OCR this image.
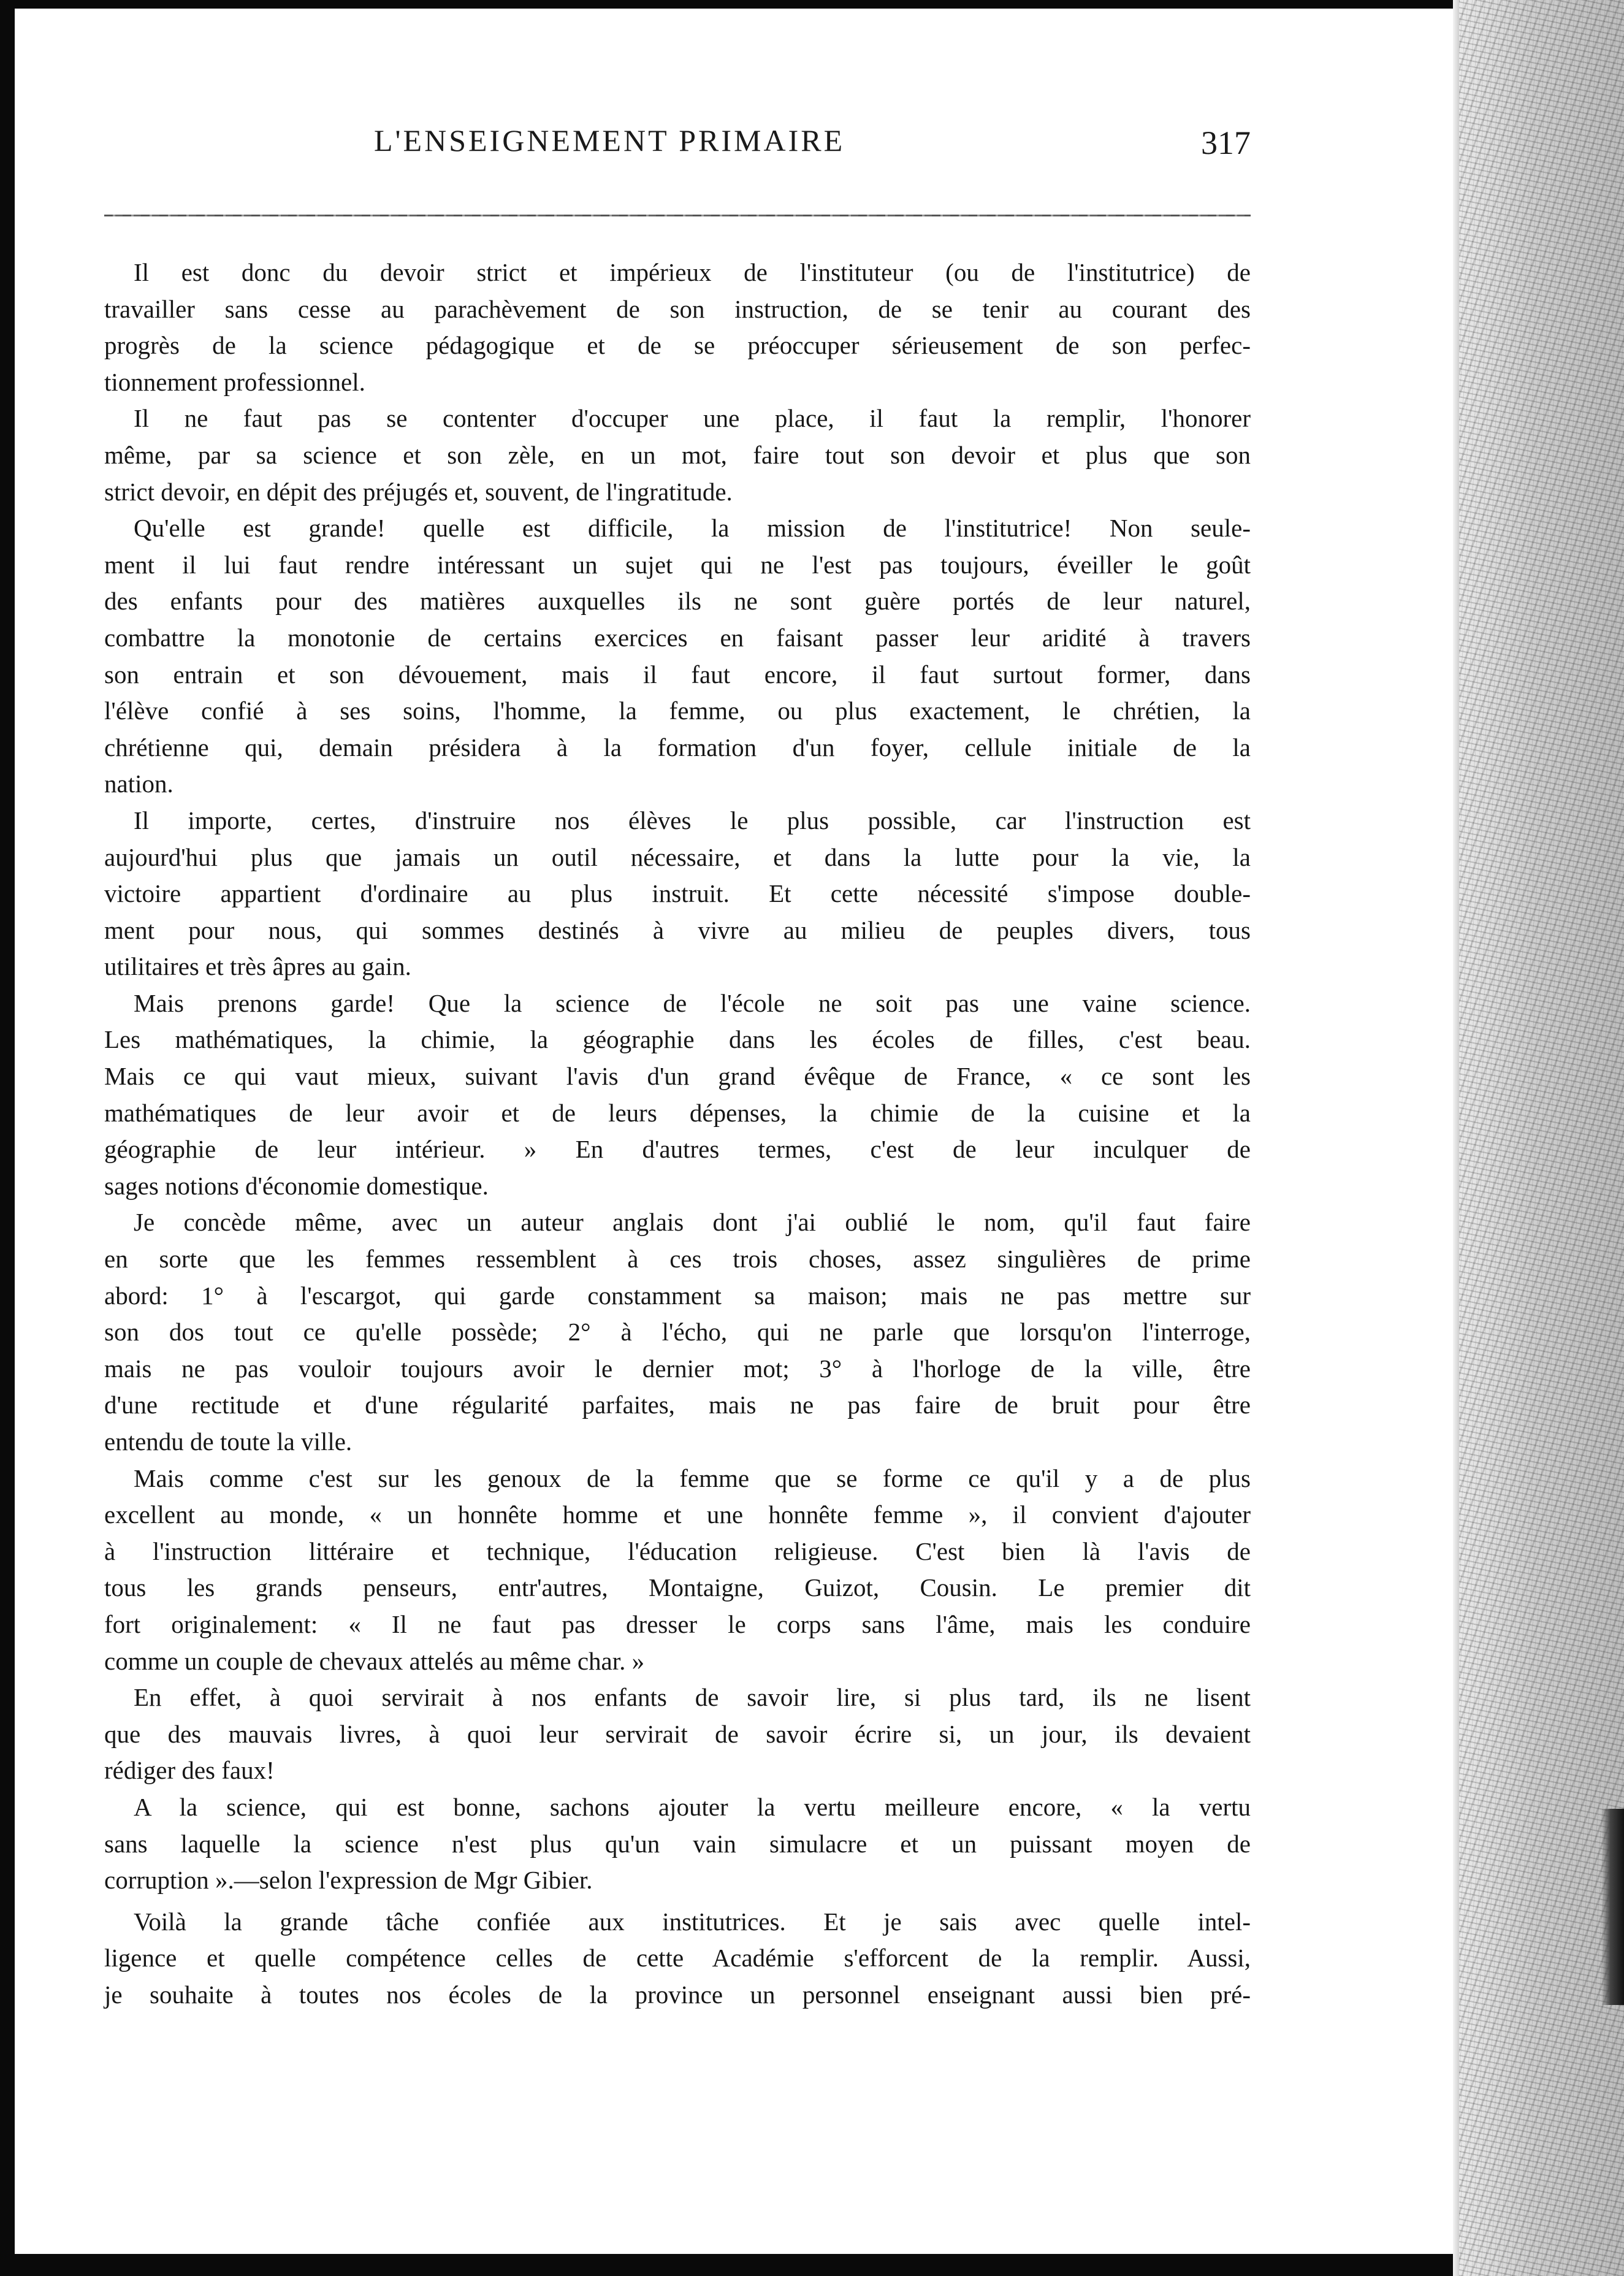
L'ENSEIGNEMENT PRIMAIRE	317

Il est donc du devoir strict et impérieux de l'instituteur (ou de l'institutrice) de

travailler sans cesse au parachèvement de son instruction, de se tenir au courant des

progrès de la science pédagogique et de se préoccuper sérieusement de son perfec-

tionnement professionnel.

Il ne faut pas se contenter d'occuper une place, il faut la remplir, l'honorer

même, par sa science et son zèle, en un mot, faire tout son devoir et plus que son

strict devoir, en dépit des préjugés et, souvent, de l'ingratitude.

Qu'elle est grande! quelle est difficile, la mission de l'institutrice! Non seule-

ment il lui faut rendre intéressant un sujet qui ne l'est pas toujours, éveiller le goût

des enfants pour des matières auxquelles ils ne sont guère portés de leur naturel,

combattre la monotonie de certains exercices en faisant passer leur aridité à travers

son entrain et son dévouement, mais il faut encore, il faut surtout former, dans

l'élève confié à ses soins, l'homme, la femme, ou plus exactement, le chrétien, la

chrétienne qui, demain présidera à la formation d'un foyer, cellule initiale de la

nation.

Il importe, certes, d'instruire nos élèves le plus possible, car l'instruction est

aujourd'hui plus que jamais un outil nécessaire, et dans la lutte pour la vie, la

victoire appartient d'ordinaire au plus instruit. Et cette nécessité s'impose double-

ment pour nous, qui sommes destinés à vivre au milieu de peuples divers, tous

utilitaires et très âpres au gain.

Mais prenons garde! Que la science de l'école ne soit pas une vaine science.

Les mathématiques, la chimie, la géographie dans les écoles de filles, c'est beau.

Mais ce qui vaut mieux, suivant l'avis d'un grand évêque de France, « ce sont les

mathématiques de leur avoir et de leurs dépenses, la chimie de la cuisine et la

géographie de leur intérieur. » En d'autres termes, c'est de leur inculquer de

sages notions d'économie domestique.

Je concède même, avec un auteur anglais dont j'ai oublié le nom, qu'il faut faire

en sorte que les femmes ressemblent à ces trois choses, assez singulières de prime

abord: 1° à l'escargot, qui garde constamment sa maison; mais ne pas mettre sur

son dos tout ce qu'elle possède; 2° à l'écho, qui ne parle que lorsqu'on l'interroge,

mais ne pas vouloir toujours avoir le dernier mot; 3° à l'horloge de la ville, être

d'une rectitude et d'une régularité parfaites, mais ne pas faire de bruit pour être

entendu de toute la ville.

Mais comme c'est sur les genoux de la femme que se forme ce qu'il y a de plus

excellent au monde, « un honnête homme et une honnête femme », il convient d'ajouter

à l'instruction littéraire et technique, l'éducation religieuse. C'est bien là l'avis de

tous les grands penseurs, entr'autres, Montaigne, Guizot, Cousin. Le premier dit

fort originalement: « Il ne faut pas dresser le corps sans l'âme, mais les conduire

comme un couple de chevaux attelés au même char. »

En effet, à quoi servirait à nos enfants de savoir lire, si plus tard, ils ne lisent

que des mauvais livres, à quoi leur servirait de savoir écrire si, un jour, ils devaient

rédiger des faux!

A la science, qui est bonne, sachons ajouter la vertu meilleure encore, « la vertu

sans laquelle la science n'est plus qu'un vain simulacre et un puissant moyen de

corruption ».—selon l'expression de Mgr Gibier.

Voilà la grande tâche confiée aux institutrices. Et je sais avec quelle intel-

ligence et quelle compétence celles de cette Académie s'efforcent de la remplir. Aussi,

je souhaite à toutes nos écoles de la province un personnel enseignant aussi bien pré-
